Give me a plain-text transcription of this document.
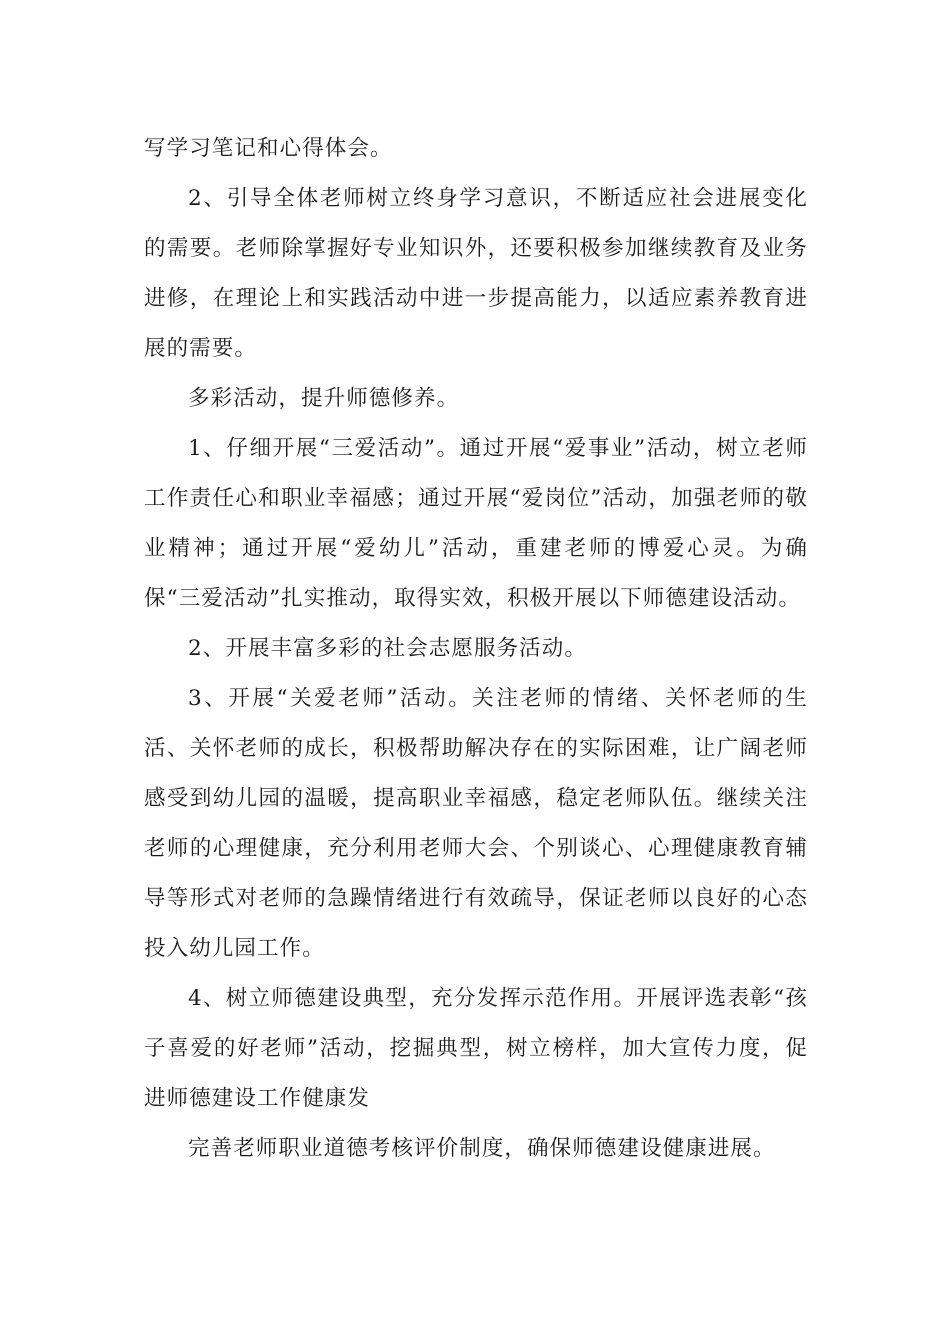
写学习笔记和心得体会。

2、引导全体老师树立终身学习意识，不断适应社会进展变化的需要。老师除掌握好专业知识外，还要积极参加继续教育及业务进修，在理论上和实践活动中进一步提高能力，以适应素养教育进展的需要。

多彩活动，提升师德修养。

1、仔细开展“三爱活动”。通过开展“爱事业”活动，树立老师工作责任心和职业幸福感；通过开展“爱岗位”活动，加强老师的敬业精神；通过开展“爱幼儿”活动，重建老师的博爱心灵。为确保“三爱活动”扎实推动，取得实效，积极开展以下师德建设活动。

2、开展丰富多彩的社会志愿服务活动。

3、开展“关爱老师”活动。关注老师的情绪、关怀老师的生活、关怀老师的成长，积极帮助解决存在的实际困难，让广阔老师感受到幼儿园的温暖，提高职业幸福感，稳定老师队伍。继续关注老师的心理健康，充分利用老师大会、个别谈心、心理健康教育辅导等形式对老师的急躁情绪进行有效疏导，保证老师以良好的心态投入幼儿园工作。

4、树立师德建设典型，充分发挥示范作用。开展评选表彰“孩子喜爱的好老师”活动，挖掘典型，树立榜样，加大宣传力度，促进师德建设工作健康发

完善老师职业道德考核评价制度，确保师德建设健康进展。
